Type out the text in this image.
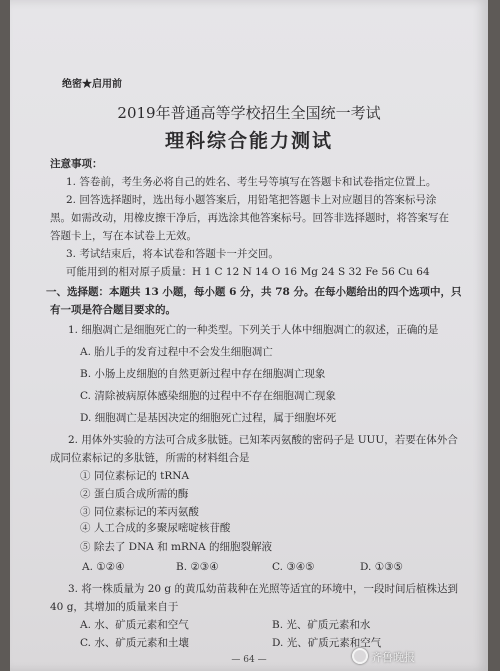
绝密★启用前
2019年普通高等学校招生全国统一考试
理科综合能力测试
注意事项：
1. 答卷前，考生务必将自己的姓名、考生号等填写在答题卡和试卷指定位置上。
2. 回答选择题时，选出每小题答案后，用铅笔把答题卡上对应题目的答案标号涂
黑。如需改动，用橡皮擦干净后，再选涂其他答案标号。回答非选择题时，将答案写在
答题卡上，写在本试卷上无效。
3. 考试结束后，将本试卷和答题卡一并交回。
可能用到的相对原子质量：H 1 C 12 N 14 O 16 Mg 24 S 32 Fe 56 Cu 64
一、选择题：本题共 13 小题，每小题 6 分，共 78 分。在每小题给出的四个选项中，只
有一项是符合题目要求的。
1. 细胞凋亡是细胞死亡的一种类型。下列关于人体中细胞凋亡的叙述，正确的是
A. 胎儿手的发育过程中不会发生细胞凋亡
B. 小肠上皮细胞的自然更新过程中存在细胞凋亡现象
C. 清除被病原体感染细胞的过程中不存在细胞凋亡现象
D. 细胞凋亡是基因决定的细胞死亡过程，属于细胞坏死
2. 用体外实验的方法可合成多肽链。已知苯丙氨酸的密码子是 UUU，若要在体外合
成同位素标记的多肽链，所需的材料组合是
① 同位素标记的 tRNA
② 蛋白质合成所需的酶
③ 同位素标记的苯丙氨酸
④ 人工合成的多聚尿嘧啶核苷酸
⑤ 除去了 DNA 和 mRNA 的细胞裂解液
A. ①②④	B. ②③④	C. ③④⑤	D. ①③⑤
3. 将一株质量为 20 g 的黄瓜幼苗栽种在光照等适宜的环境中，一段时间后植株达到
40 g，其增加的质量来自于
A. 水、矿质元素和空气	B. 光、矿质元素和水
C. 水、矿质元素和土壤	D. 光、矿质元素和空气
— 64 —	齐鲁晚报
